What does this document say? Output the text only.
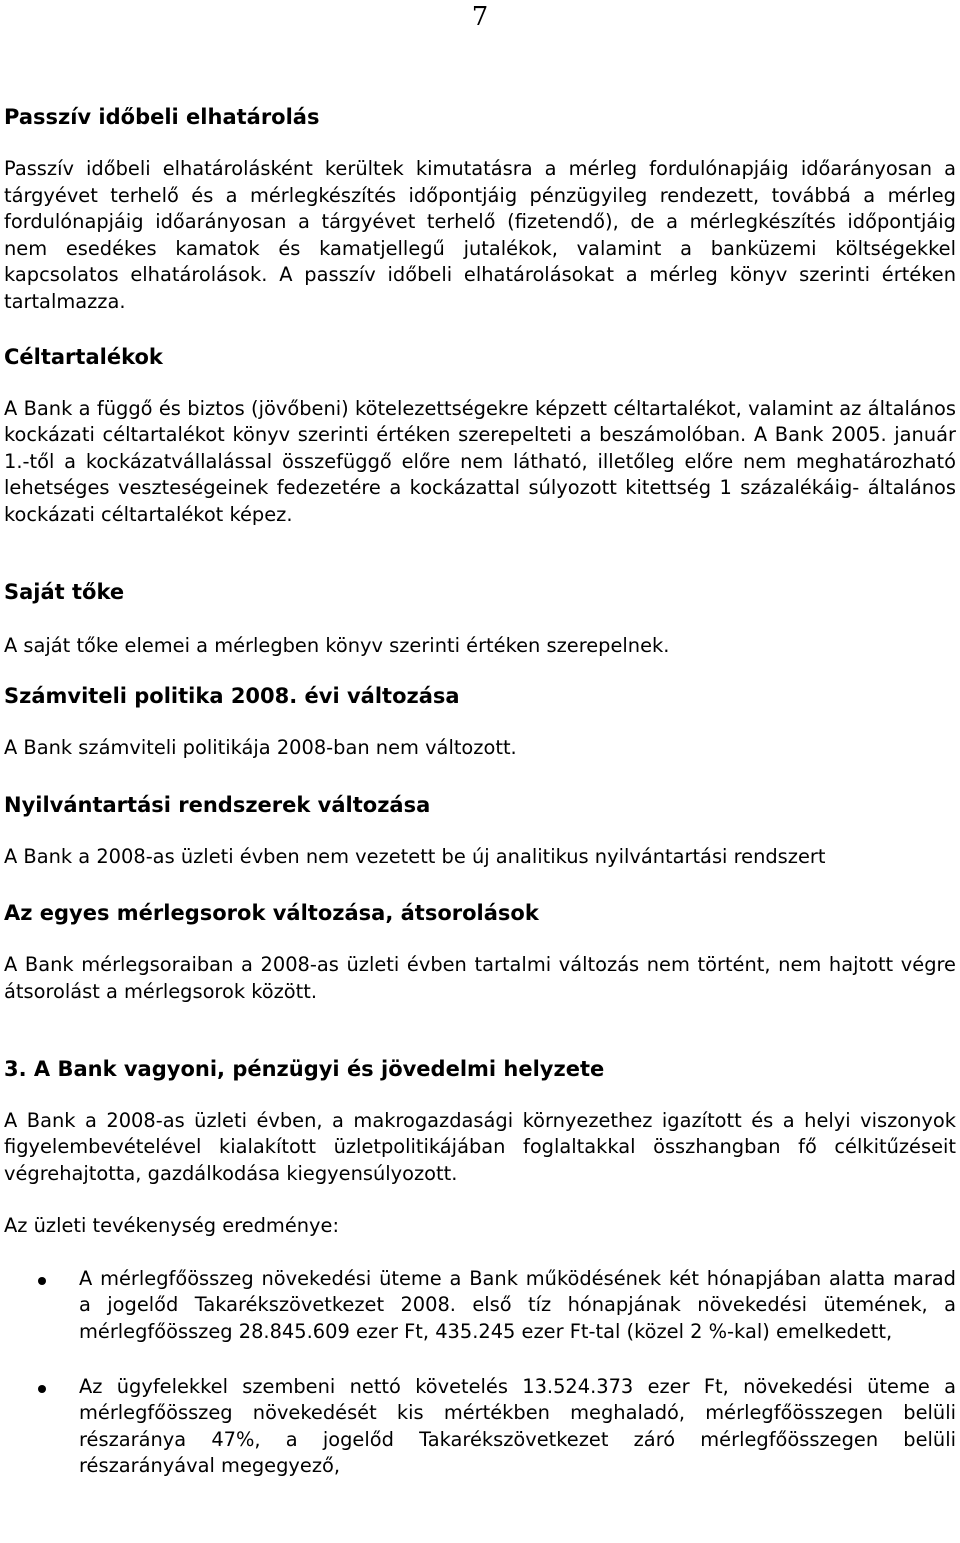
7
Passzív időbeli elhatárolás

Passzív időbeli elhatárolásként kerültek kimutatásra a mérleg fordulónapjáig időarányosan a tárgyévet terhelő és a mérlegkészítés időpontjáig pénzügyileg rendezett, továbbá a mérleg fordulónapjáig időarányosan a tárgyévet terhelő (fizetendő), de a mérlegkészítés időpontjáig nem esedékes kamatok és kamatjellegű jutalékok, valamint a banküzemi költségekkel kapcsolatos elhatárolások. A passzív időbeli elhatárolásokat a mérleg könyv szerinti értéken tartalmazza.

Céltartalékok

A Bank a függő és biztos (jövőbeni) kötelezettségekre képzett céltartalékot, valamint az általános kockázati céltartalékot könyv szerinti értéken szerepelteti a beszámolóban. A Bank 2005. január 1.-től a kockázatvállalással összefüggő előre nem látható, illetőleg előre nem meghatározható lehetséges veszteségeinek fedezetére a kockázattal súlyozott kitettség 1 százalékáig- általános kockázati céltartalékot képez.

Saját tőke

A saját tőke elemei a mérlegben könyv szerinti értéken szerepelnek.

Számviteli politika 2008. évi változása

A Bank számviteli politikája 2008-ban nem változott.

Nyilvántartási rendszerek változása

A Bank a 2008-as üzleti évben nem vezetett be új analitikus nyilvántartási rendszert

Az egyes mérlegsorok változása, átsorolások

A Bank mérlegsoraiban a 2008-as üzleti évben tartalmi változás nem történt, nem hajtott végre átsorolást a mérlegsorok között.

3. A Bank vagyoni, pénzügyi és jövedelmi helyzete

A Bank a 2008-as üzleti évben, a makrogazdasági környezethez igazított és a helyi viszonyok figyelembevételével kialakított üzletpolitikájában foglaltakkal összhangban fő célkitűzéseit végrehajtotta, gazdálkodása kiegyensúlyozott.

Az üzleti tevékenység eredménye:

A mérlegfőösszeg növekedési üteme a Bank működésének két hónapjában alatta marad a jogelőd Takarékszövetkezet 2008. első tíz hónapjának növekedési ütemének, a mérlegfőösszeg 28.845.609 ezer Ft, 435.245 ezer Ft-tal (közel 2 %-kal) emelkedett,
Az ügyfelekkel szembeni nettó követelés 13.524.373 ezer Ft, növekedési üteme a mérlegfőösszeg növekedését kis mértékben meghaladó, mérlegfőösszegen belüli részaránya 47%, a jogelőd Takarékszövetkezet záró mérlegfőösszegen belüli részarányával megegyező,
